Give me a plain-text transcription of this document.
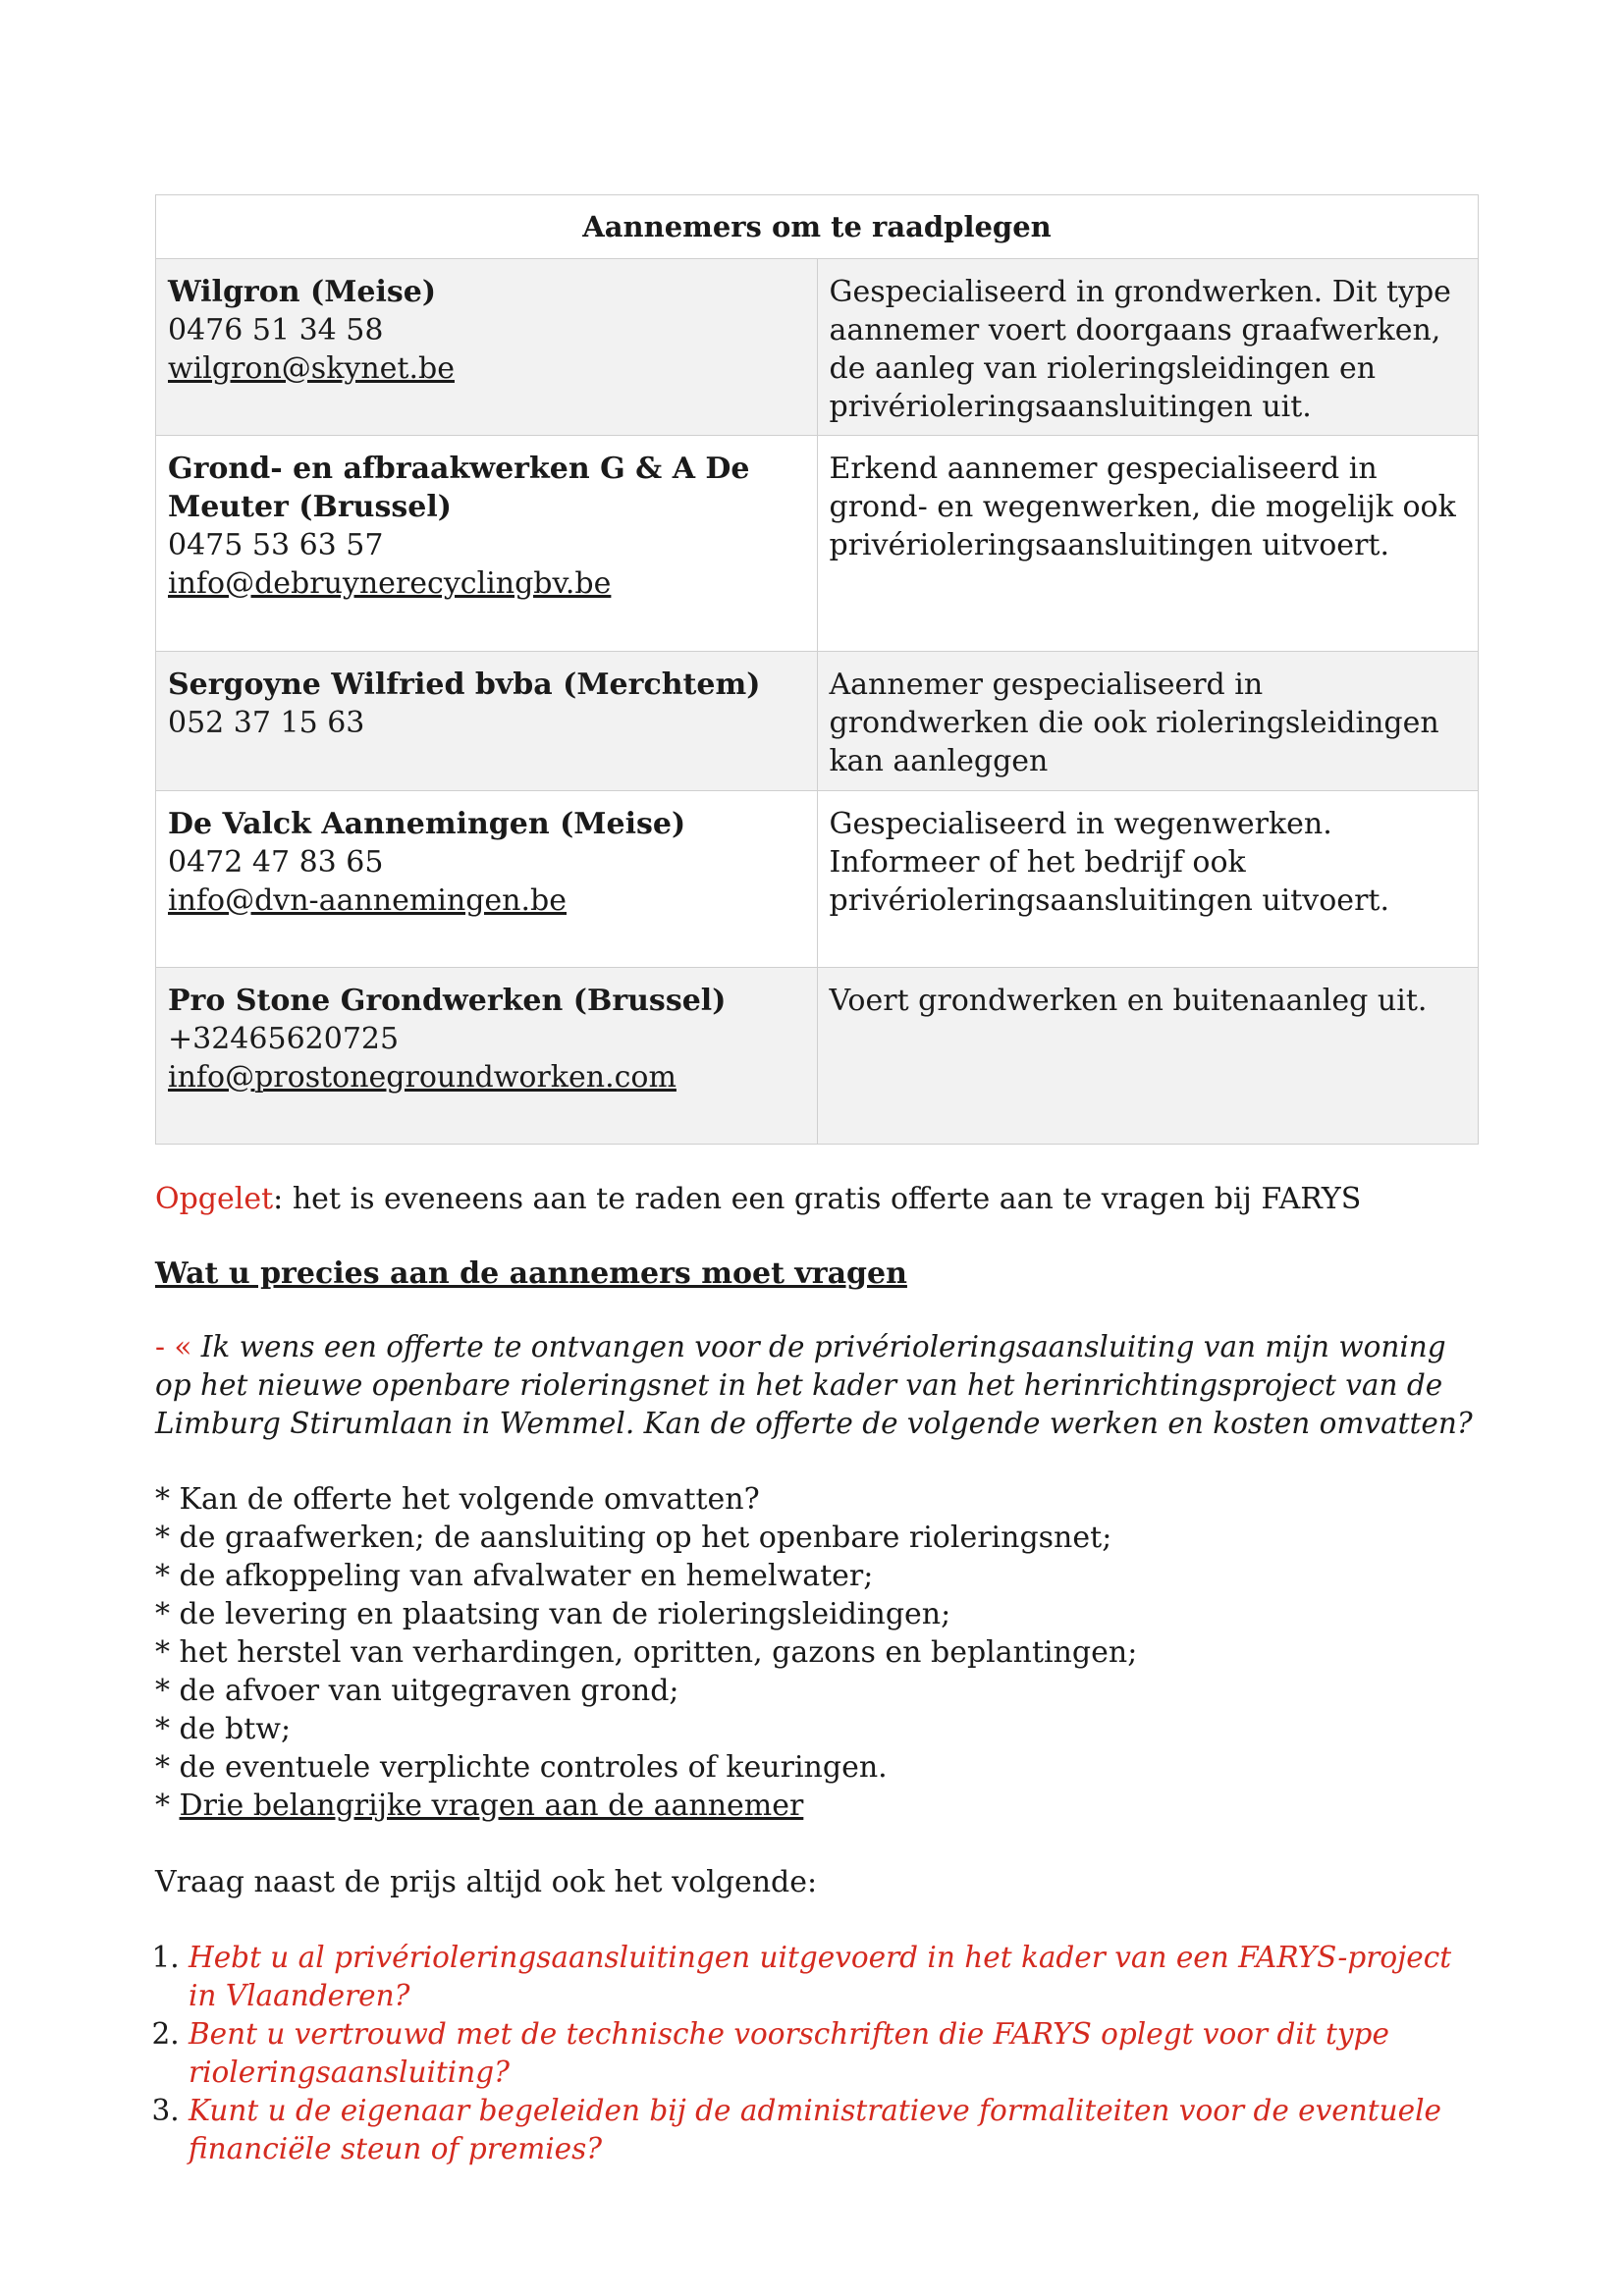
Aannemers om te raadplegen	

Wilgron (Meise)
0476 51 34 58
wilgron@skynet.be	Gespecialiseerd in grondwerken. Dit type aannemer voert doorgaans graafwerken, de aanleg van rioleringsleidingen en privérioleringsaansluitingen uit.

Grond- en afbraakwerken G & A De Meuter (Brussel)
0475 53 63 57
info@debruynerecyclingbv.be	Erkend aannemer gespecialiseerd in grond- en wegenwerken, die mogelijk ook privérioleringsaansluitingen uitvoert.

Sergoyne Wilfried bvba (Merchtem)
052 37 15 63	Aannemer gespecialiseerd in grondwerken die ook rioleringsleidingen kan aanleggen

De Valck Aannemingen (Meise)
0472 47 83 65
info@dvn-aannemingen.be	Gespecialiseerd in wegenwerken. Informeer of het bedrijf ook privérioleringsaansluitingen uitvoert.

Pro Stone Grondwerken (Brussel)
+32465620725
info@prostonegroundworken.com	Voert grondwerken en buitenaanleg uit.
Opgelet: het is eveneens aan te raden een gratis offerte aan te vragen bij FARYS
Wat u precies aan de aannemers moet vragen
- « Ik wens een offerte te ontvangen voor de privérioleringsaansluiting van mijn woning op het nieuwe openbare rioleringsnet in het kader van het herinrichtingsproject van de Limburg Stirumlaan in Wemmel. Kan de offerte de volgende werken en kosten omvatten?
* Kan de offerte het volgende omvatten?
* de graafwerken; de aansluiting op het openbare rioleringsnet;
* de afkoppeling van afvalwater en hemelwater;
* de levering en plaatsing van de rioleringsleidingen;
* het herstel van verhardingen, opritten, gazons en beplantingen;
* de afvoer van uitgegraven grond;
* de btw;
* de eventuele verplichte controles of keuringen.
* Drie belangrijke vragen aan de aannemer
Vraag naast de prijs altijd ook het volgende:
1. Hebt u al privérioleringsaansluitingen uitgevoerd in het kader van een FARYS-project in Vlaanderen?
2. Bent u vertrouwd met de technische voorschriften die FARYS oplegt voor dit type rioleringsaansluiting?
3. Kunt u de eigenaar begeleiden bij de administratieve formaliteiten voor de eventuele financiële steun of premies?
